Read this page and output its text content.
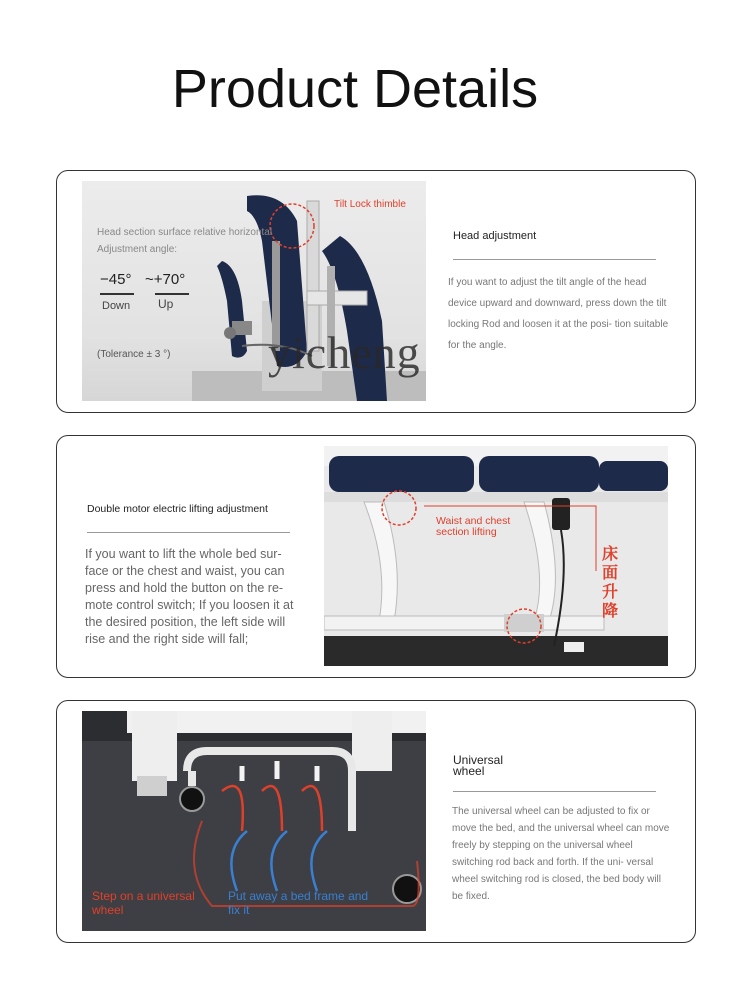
Product Details
Tilt Lock thimble
Head section surface relative horizontal
Adjustment angle:
−45°
Down
~+70°
Up
(Tolerance ± 3 °)
Head adjustment
If you want to adjust the tilt angle of the head device upward and downward, press down the tilt locking Rod and loosen it at the posi- tion suitable for the angle.
Double motor electric lifting adjustment
If you want to lift the whole bed sur- face or the chest and waist, you can press and hold the button on the re- mote control switch; If you loosen it at the desired position, the left side will rise and the right side will fall;
Waist and chest section lifting
床面升降
Step on a universal wheel
Put away a bed frame and fix it
Universal wheel
The universal wheel can be adjusted to fix or move the bed, and the universal wheel can move freely by stepping on the universal wheel switching rod back and forth. If the uni- versal wheel switching rod is closed, the bed body will be fixed.
yicheng
